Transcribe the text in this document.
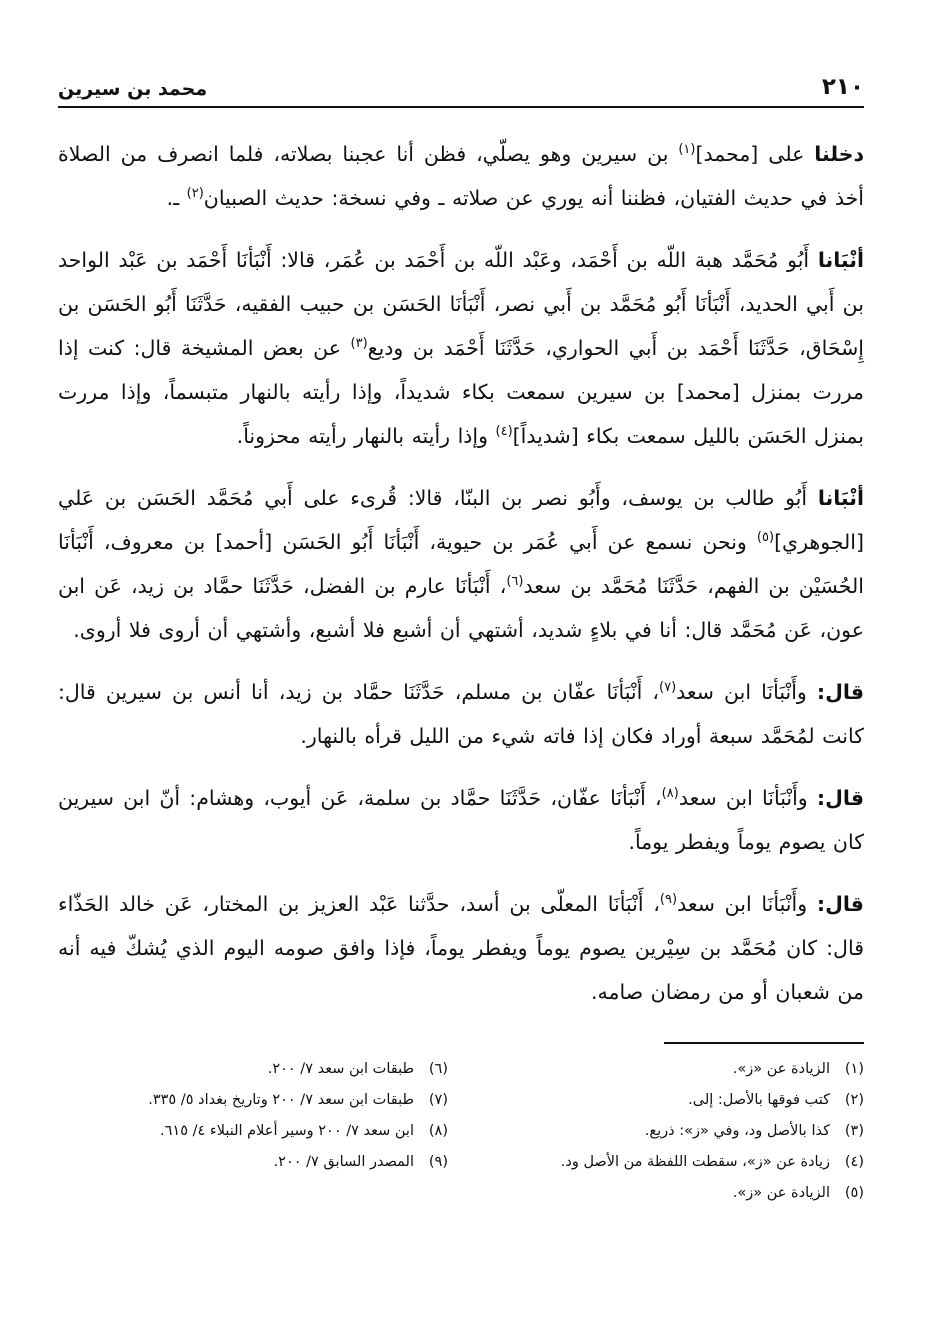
٢١٠
محمد بن سيرين

دخلنا على [محمد]$^{(١)}$ بن سيرين وهو يصلّي، فظن أنا عجبنا بصلاته، فلما انصرف من الصلاة أخذ في حديث الفتيان، فظننا أنه يوري عن صلاته ـ وفي نسخة: حديث الصبيان$^{(٢)}$ ـ.

أنْبَانا أَبُو مُحَمَّد هبة اللّه بن أَحْمَد، وعَبْد اللّه بن أَحْمَد بن عُمَر، قالا: أَنْبَأنَا أَحْمَد بن عَبْد الواحد بن أَبي الحديد، أَنْبَأنَا أَبُو مُحَمَّد بن أَبي نصر، أَنْبَأنَا الحَسَن بن حبيب الفقيه، حَدَّثَنَا أَبُو الحَسَن بن إِسْحَاق، حَدَّثَنَا أَحْمَد بن أَبي الحواري، حَدَّثَنَا أَحْمَد بن وديع$^{(٣)}$ عن بعض المشيخة قال: كنت إذا مررت بمنزل [محمد] بن سيرين سمعت بكاء شديداً، وإذا رأيته بالنهار متبسماً، وإذا مررت بمنزل الحَسَن بالليل سمعت بكاء [شديداً]$^{(٤)}$ وإذا رأيته بالنهار رأيته محزوناً.

أنْبَانا أَبُو طالب بن يوسف، وأَبُو نصر بن البنّا، قالا: قُرىء على أَبي مُحَمَّد الحَسَن بن عَلي [الجوهري]$^{(٥)}$ ونحن نسمع عن أَبي عُمَر بن حيوية، أَنْبَأنَا أَبُو الحَسَن [أحمد] بن معروف، أَنْبَأنَا الحُسَيْن بن الفهم، حَدَّثَنَا مُحَمَّد بن سعد$^{(٦)}$، أَنْبَأنَا عارم بن الفضل، حَدَّثَنَا حمَّاد بن زيد، عَن ابن عون، عَن مُحَمَّد قال: أنا في بلاءٍ شديد، أشتهي أن أشبع فلا أشبع، وأشتهي أن أروى فلا أروى.

قال: وأَنْبَأنَا ابن سعد$^{(٧)}$، أَنْبَأنَا عفّان بن مسلم، حَدَّثَنَا حمَّاد بن زيد، أنا أنس بن سيرين قال: كانت لمُحَمَّد سبعة أوراد فكان إذا فاته شيء من الليل قرأه بالنهار.

قال: وأَنْبَأنَا ابن سعد$^{(٨)}$، أَنْبَأنَا عفّان، حَدَّثَنَا حمَّاد بن سلمة، عَن أيوب، وهشام: أنّ ابن سيرين كان يصوم يوماً ويفطر يوماً.

قال: وأَنْبَأنَا ابن سعد$^{(٩)}$، أَنْبَأنَا المعلّى بن أسد، حدَّثنا عَبْد العزيز بن المختار، عَن خالد الحَذّاء قال: كان مُحَمَّد بن سِيْرين يصوم يوماً ويفطر يوماً، فإذا وافق صومه اليوم الذي يُشكّ فيه أنه من شعبان أو من رمضان صامه.

(١)الزيادة عن «ز».
(٢)كتب فوقها بالأصل: إلى.
(٣)كذا بالأصل ود، وفي «ز»: ذريع.
(٤)زيادة عن «ز»، سقطت اللفظة من الأصل ود.
(٥)الزيادة عن «ز».
(٦)طبقات ابن سعد ٧/ ٢٠٠.
(٧)طبقات ابن سعد ٧/ ٢٠٠ وتاريخ بغداد ٥/ ٣٣٥.
(٨)ابن سعد ٧/ ٢٠٠ وسير أعلام النبلاء ٤/ ٦١٥.
(٩)المصدر السابق ٧/ ٢٠٠.
